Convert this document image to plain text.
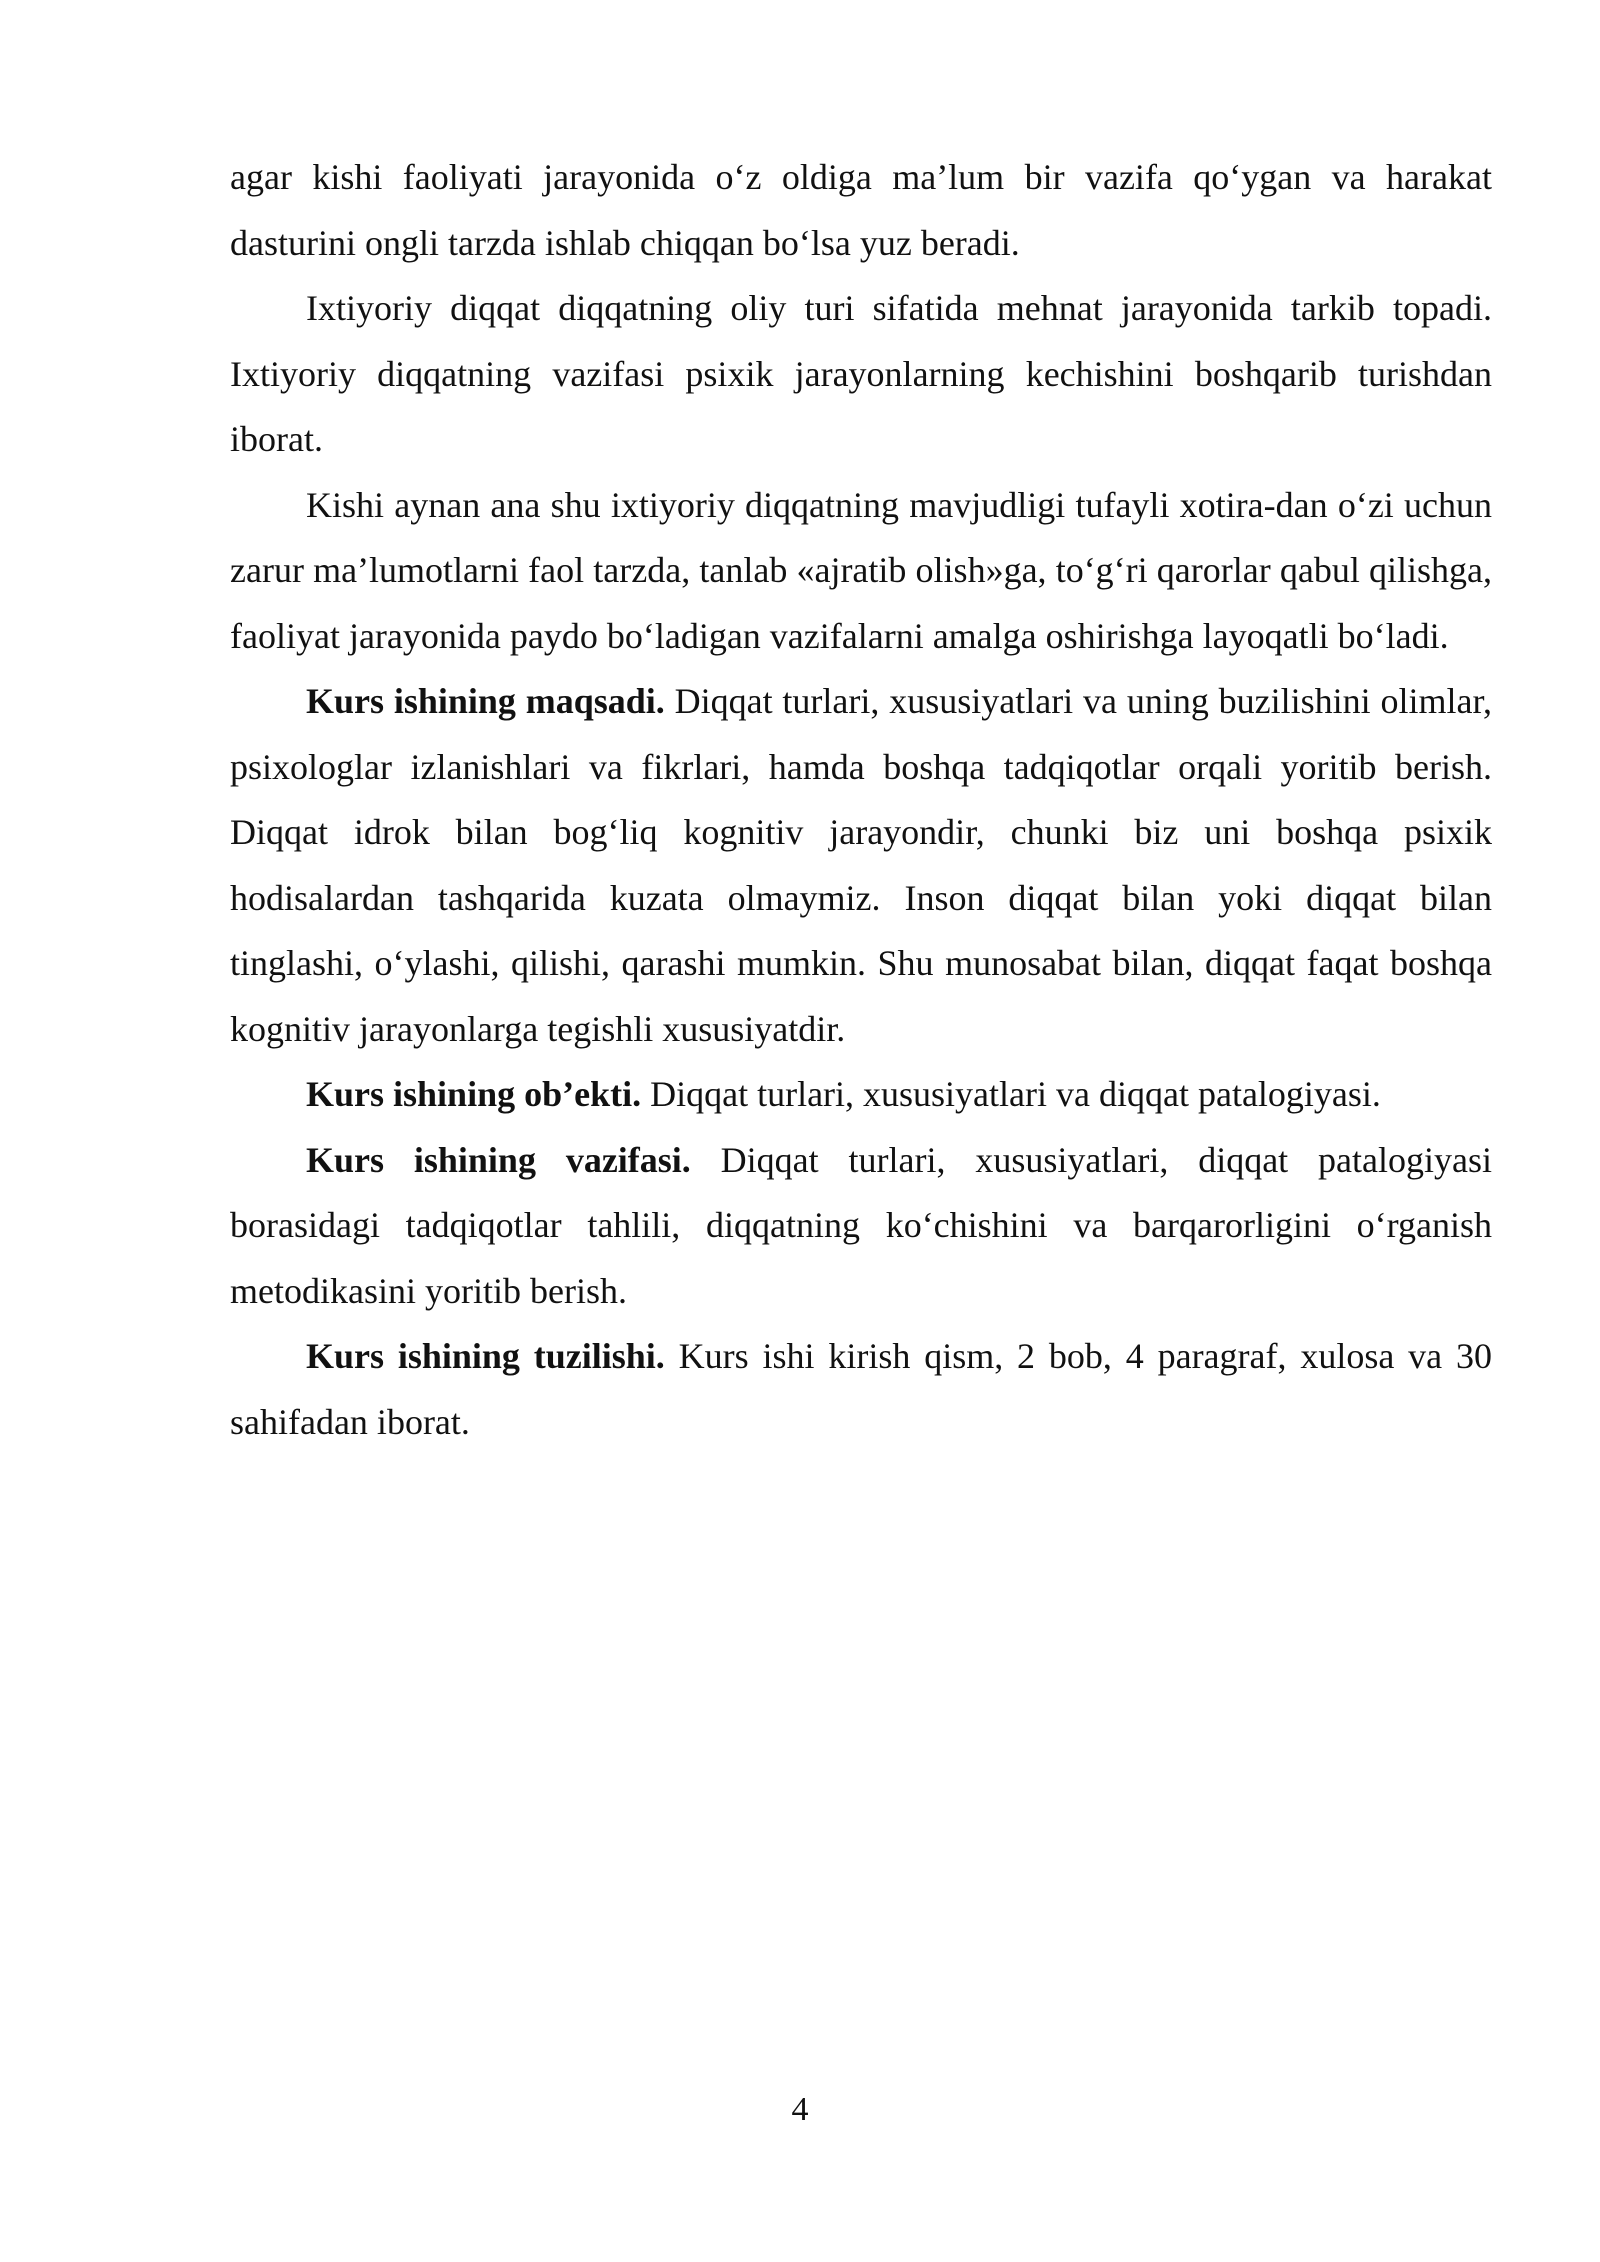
agar kishi faoliyati jarayonida o‘z oldiga ma’lum bir vazifa qo‘ygan va harakat dasturini ongli tarzda ishlab chiqqan bo‘lsa yuz beradi.

Ixtiyoriy diqqat diqqatning oliy turi sifatida mehnat jarayonida tarkib topadi. Ixtiyoriy diqqatning vazifasi psixik jarayonlarning kechishini boshqarib turishdan iborat.

Kishi aynan ana shu ixtiyoriy diqqatning mavjudligi tufayli xotira-dan o‘zi uchun zarur ma’lumotlarni faol tarzda, tanlab «ajratib olish»ga, to‘g‘ri qarorlar qabul qilishga, faoliyat jarayonida paydo bo‘ladigan vazifalarni amalga oshirishga layoqatli bo‘ladi.

Kurs ishining maqsadi. Diqqat turlari, xususiyatlari va uning buzilishini olimlar, psixologlar izlanishlari va fikrlari, hamda boshqa tadqiqotlar orqali yoritib berish. Diqqat idrok bilan bog‘liq kognitiv jarayondir, chunki biz uni boshqa psixik hodisalardan tashqarida kuzata olmaymiz. Inson diqqat bilan yoki diqqat bilan tinglashi, o‘ylashi, qilishi, qarashi mumkin. Shu munosabat bilan, diqqat faqat boshqa kognitiv jarayonlarga tegishli xususiyatdir.

Kurs ishining ob’ekti. Diqqat turlari, xususiyatlari va diqqat patalogiyasi.

Kurs ishining vazifasi. Diqqat turlari, xususiyatlari, diqqat patalogiyasi borasidagi tadqiqotlar tahlili, diqqatning ko‘chishini va barqarorligini o‘rganish metodikasini yoritib berish.

Kurs ishining tuzilishi. Kurs ishi kirish qism, 2 bob, 4 paragraf, xulosa va 30 sahifadan iborat.

4
